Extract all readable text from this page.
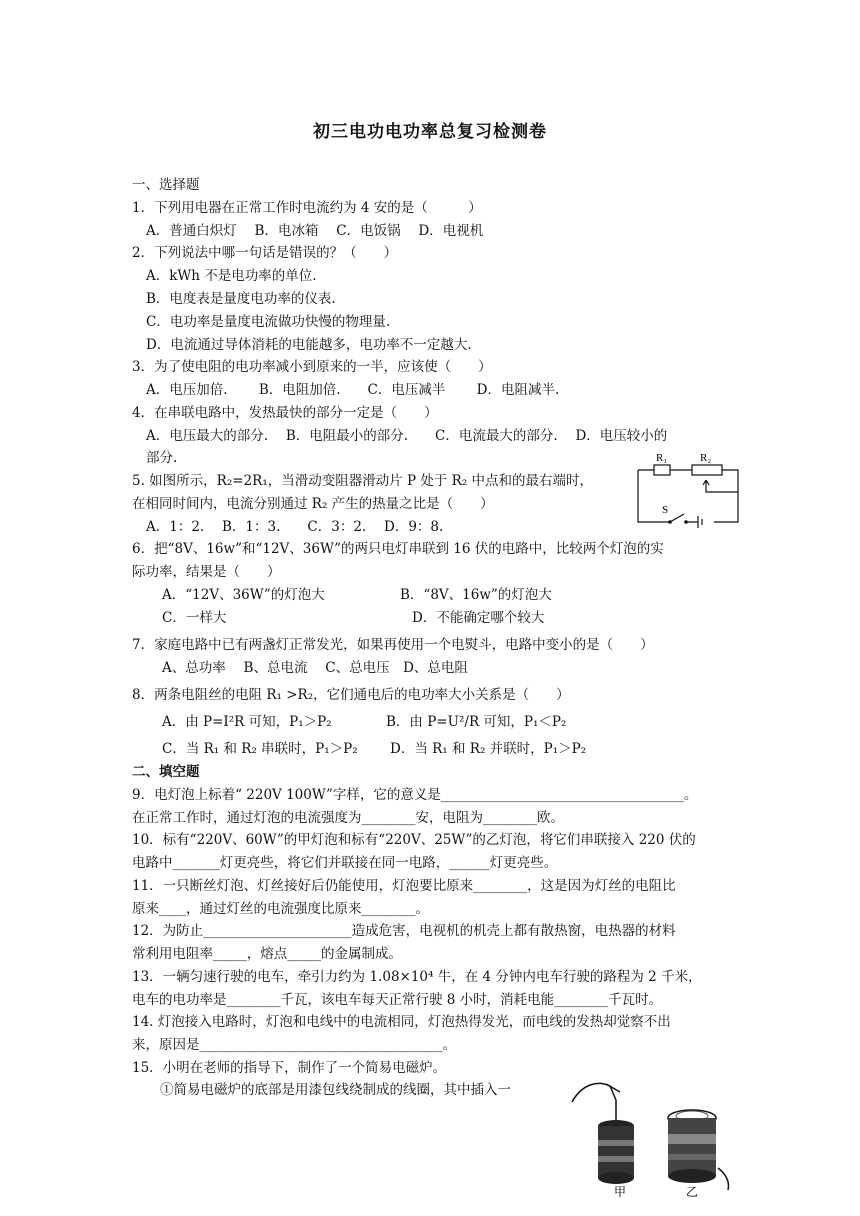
初三电功电功率总复习检测卷
一、选择题
1．下列用电器在正常工作时电流约为 4 安的是（　　　）
A．普通白炽灯　 B．电冰箱　 C．电饭锅　 D．电视机
2．下列说法中哪一句话是错误的？（　　）
A．kWh 不是电功率的单位.
B．电度表是量度电功率的仪表.
C．电功率是量度电流做功快慢的物理量.
D．电流通过导体消耗的电能越多，电功率不一定越大.
3．为了使电阻的电功率减小到原来的一半，应该使（　　）
A．电压加倍.　　 B．电阻加倍.　　C．电压减半　　 D．电阻减半.
4．在串联电路中，发热最快的部分一定是（　　）
A．电压最大的部分.　 B．电阻最小的部分.　　C．电流最大的部分.　 D．电压较小的
部分.
5. 如图所示，R₂=2R₁，当滑动变阻器滑动片 P 处于 R₂ 中点和的最右端时，
在相同时间内，电流分别通过 R₂ 产生的热量之比是（　　）
A．1：2.　 B．1：3.　　C．3：2.　 D．9：8.
R₁	R₂
S
6．把“8V、16w”和“12V、36W”的两只电灯串联到 16 伏的电路中，比较两个灯泡的实
际功率，结果是（　　）
A．“12V、36W”的灯泡大	B．“8V、16w”的灯泡大
C．一样大	D．不能确定哪个较大
7．家庭电路中已有两盏灯正常发光，如果再使用一个电熨斗，电路中变小的是（　　）
A、总功率　 B、总电流　 C、总电压　D、总电阻
8．两条电阻丝的电阻 R₁ >R₂，它们通电后的电功率大小关系是（　　）
A．由 P=I²R 可知，P₁＞P₂	B．由 P=U²/R 可知，P₁＜P₂
C．当 R₁ 和 R₂ 串联时，P₁＞P₂ D．当 R₁ 和 R₂ 并联时，P₁＞P₂
二、填空题
9．电灯泡上标着“ 220V 100W”字样，它的意义是____________________________________。
在正常工作时，通过灯泡的电流强度为________安，电阻为________欧。
10．标有“220V、60W”的甲灯泡和标有“220V、25W”的乙灯泡，将它们串联接入 220 伏的
电路中_______灯更亮些，将它们并联接在同一电路，______灯更亮些。
11．一只断丝灯泡、灯丝接好后仍能使用，灯泡要比原来________，这是因为灯丝的电阻比
原来____，通过灯丝的电流强度比原来________。
12．为防止______________________造成危害，电视机的机壳上都有散热窗，电热器的材料
常利用电阻率_____，熔点_____的金属制成。
13．一辆匀速行驶的电车，牵引力约为 1.08×10⁴ 牛，在 4 分钟内电车行驶的路程为 2 千米，
电车的电功率是________千瓦，该电车每天正常行驶 8 小时，消耗电能________千瓦时。
14. 灯泡接入电路时，灯泡和电线中的电流相同，灯泡热得发光，而电线的发热却觉察不出
来，原因是____________________________________。
15．小明在老师的指导下，制作了一个简易电磁炉。
①简易电磁炉的底部是用漆包线绕制成的线圈，其中插入一
甲	乙
